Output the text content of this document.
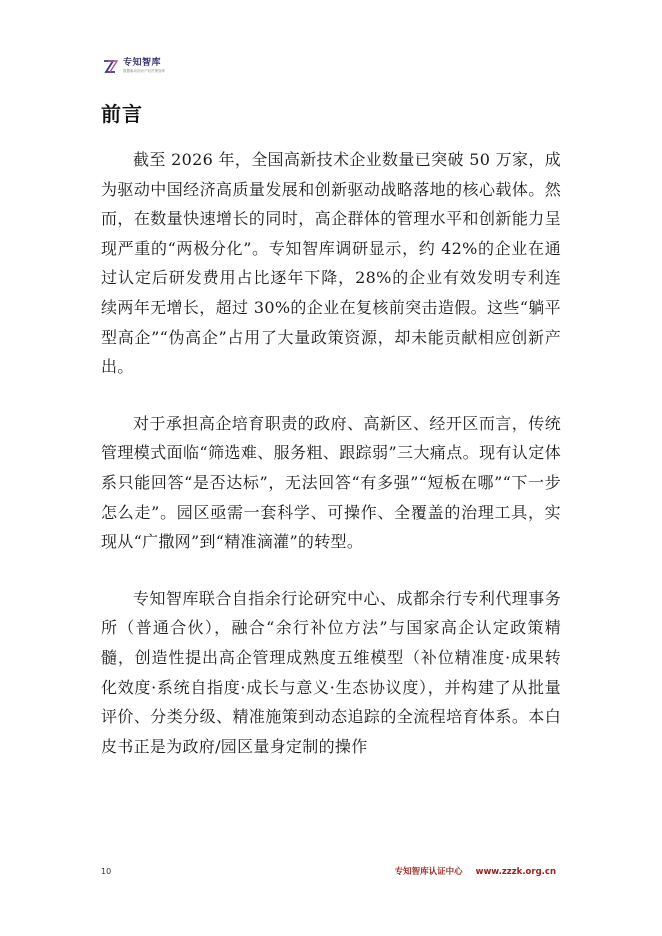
专知智库
数据驱动知识产权决策智库
前言

截至 2026 年，全国高新技术企业数量已突破 50 万家，成为驱动中国经济高质量发展和创新驱动战略落地的核心载体。然而，在数量快速增长的同时，高企群体的管理水平和创新能力呈现严重的“两极分化”。专知智库调研显示，约 42%的企业在通过认定后研发费用占比逐年下降，28%的企业有效发明专利连续两年无增长，超过 30%的企业在复核前突击造假。这些“躺平型高企”“伪高企”占用了大量政策资源，却未能贡献相应创新产出。

对于承担高企培育职责的政府、高新区、经开区而言，传统管理模式面临“筛选难、服务粗、跟踪弱”三大痛点。现有认定体系只能回答“是否达标”，无法回答“有多强”“短板在哪”“下一步怎么走”。园区亟需一套科学、可操作、全覆盖的治理工具，实现从“广撒网”到“精准滴灌”的转型。

专知智库联合自指余行论研究中心、成都余行专利代理事务所（普通合伙），融合“余行补位方法”与国家高企认定政策精髓，创造性提出高企管理成熟度五维模型（补位精准度·成果转化效度·系统自指度·成长与意义·生态协议度），并构建了从批量评价、分类分级、精准施策到动态追踪的全流程培育体系。本白皮书正是为政府/园区量身定制的操作

10	专知智库认证中心 www.zzzk.org.cn
